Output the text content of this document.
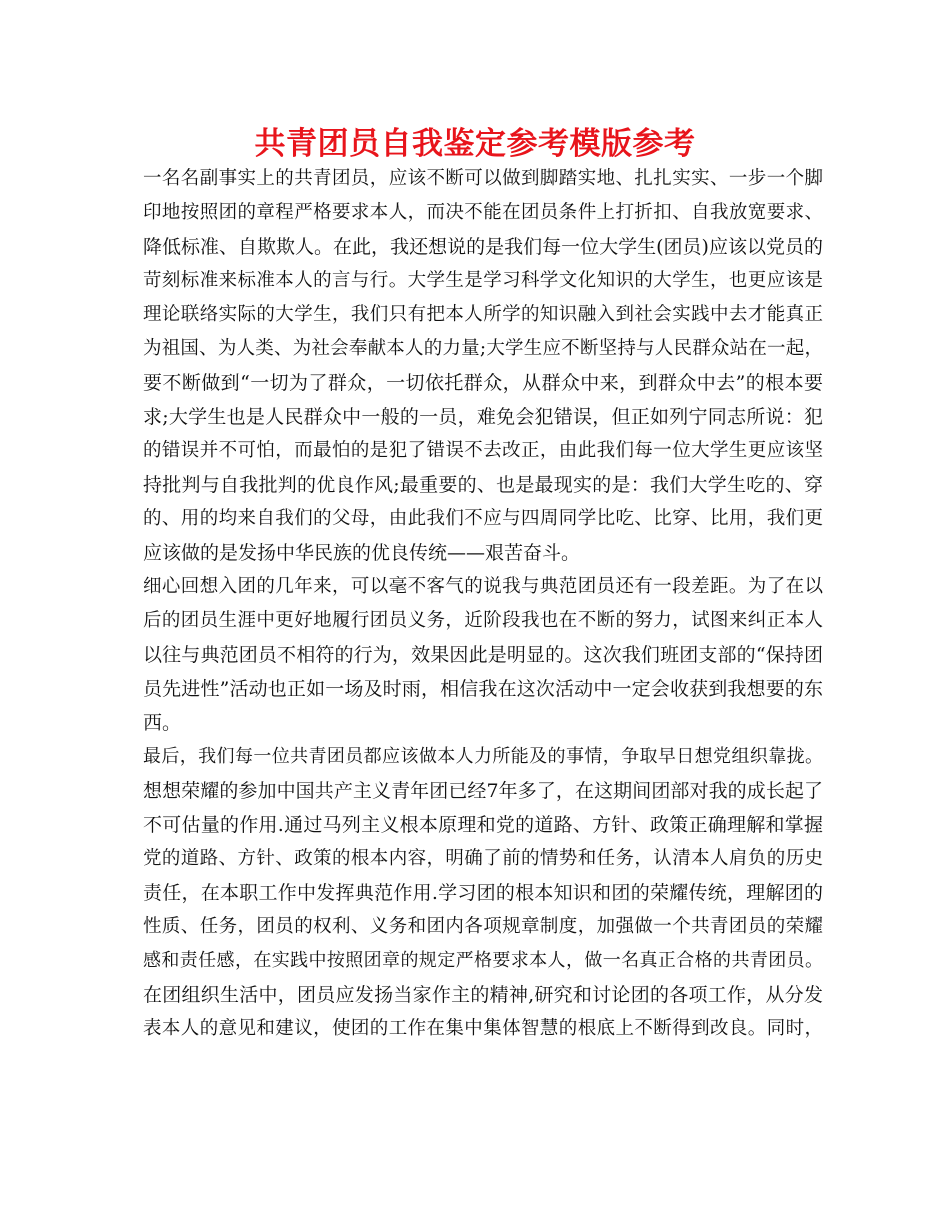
共青团员自我鉴定参考模版参考
一名名副事实上的共青团员，应该不断可以做到脚踏实地、扎扎实实、一步一个脚
印地按照团的章程严格要求本人，而决不能在团员条件上打折扣、自我放宽要求、
降低标准、自欺欺人。在此，我还想说的是我们每一位大学生(团员)应该以党员的
苛刻标准来标准本人的言与行。大学生是学习科学文化知识的大学生，也更应该是
理论联络实际的大学生，我们只有把本人所学的知识融入到社会实践中去才能真正
为祖国、为人类、为社会奉献本人的力量;大学生应不断坚持与人民群众站在一起，
要不断做到“一切为了群众，一切依托群众，从群众中来，到群众中去”的根本要
求;大学生也是人民群众中一般的一员，难免会犯错误，但正如列宁同志所说：犯
的错误并不可怕，而最怕的是犯了错误不去改正，由此我们每一位大学生更应该坚
持批判与自我批判的优良作风;最重要的、也是最现实的是：我们大学生吃的、穿
的、用的均来自我们的父母，由此我们不应与四周同学比吃、比穿、比用，我们更
应该做的是发扬中华民族的优良传统——艰苦奋斗。
细心回想入团的几年来，可以毫不客气的说我与典范团员还有一段差距。为了在以
后的团员生涯中更好地履行团员义务，近阶段我也在不断的努力，试图来纠正本人
以往与典范团员不相符的行为，效果因此是明显的。这次我们班团支部的“保持团
员先进性”活动也正如一场及时雨，相信我在这次活动中一定会收获到我想要的东
西。
最后，我们每一位共青团员都应该做本人力所能及的事情，争取早日想党组织靠拢。
想想荣耀的参加中国共产主义青年团已经7年多了，在这期间团部对我的成长起了
不可估量的作用.通过马列主义根本原理和党的道路、方针、政策正确理解和掌握
党的道路、方针、政策的根本内容，明确了前的情势和任务，认清本人肩负的历史
责任，在本职工作中发挥典范作用.学习团的根本知识和团的荣耀传统，理解团的
性质、任务，团员的权利、义务和团内各项规章制度，加强做一个共青团员的荣耀
感和责任感，在实践中按照团章的规定严格要求本人，做一名真正合格的共青团员。
在团组织生活中，团员应发扬当家作主的精神,研究和讨论团的各项工作，从分发
表本人的意见和建议，使团的工作在集中集体智慧的根底上不断得到改良。同时，
